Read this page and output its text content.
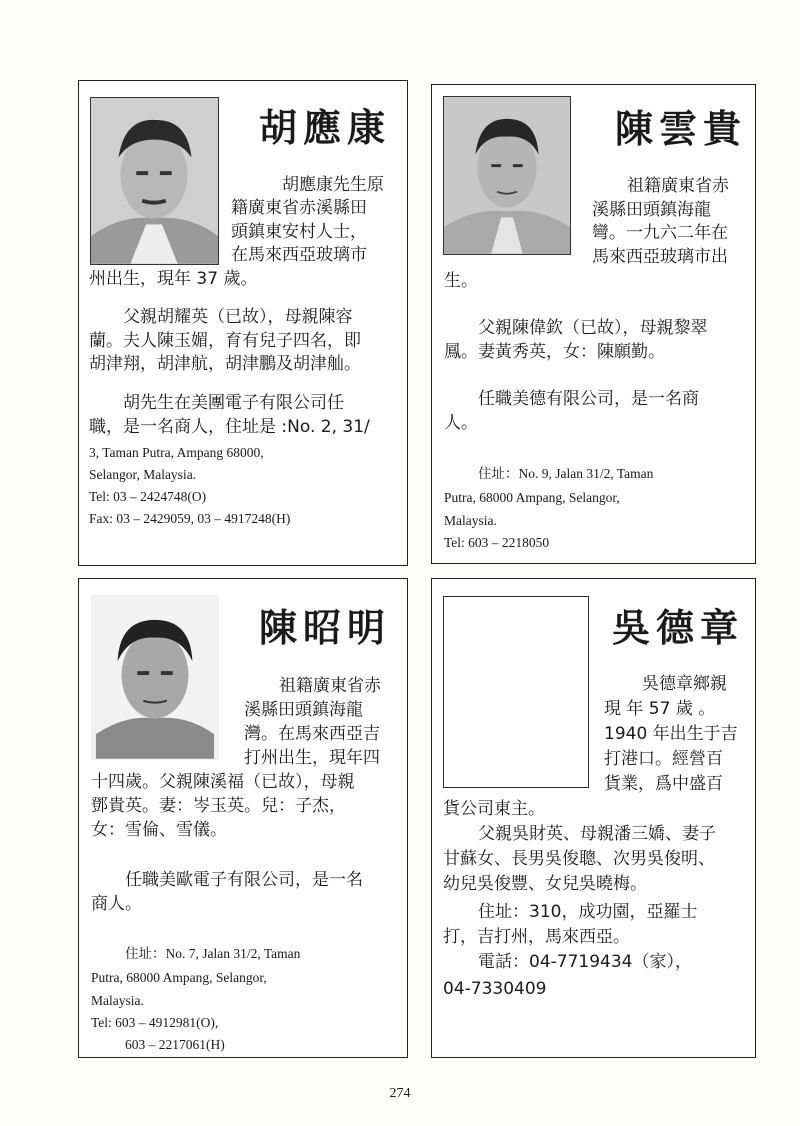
胡應康
胡應康先生原
籍廣東省赤溪縣田
頭鎮東安村人士，
在馬來西亞玻璃市
州出生，現年 37 歲。
父親胡耀英（已故），母親陳容
蘭。夫人陳玉媚，育有兒子四名，即
胡津翔，胡津航，胡津鵬及胡津舢。
胡先生在美團電子有限公司任
職，是一名商人，住址是 :No. 2, 31/
3, Taman Putra, Ampang 68000,
Selangor, Malaysia.
Tel: 03 – 2424748(O)
Fax: 03 – 2429059, 03 – 4917248(H)
陳雲貴
祖籍廣東省赤
溪縣田頭鎮海龍
彎。一九六二年在
馬來西亞玻璃市出
生。
父親陳偉欽（已故），母親黎翠
鳳。妻黃秀英，女：陳願勤。
任職美德有限公司，是一名商
人。
住址：No. 9, Jalan 31/2, Taman
Putra, 68000 Ampang, Selangor,
Malaysia.
Tel: 603 – 2218050
陳昭明
祖籍廣東省赤
溪縣田頭鎮海龍
灣。在馬來西亞吉
打州出生，現年四
十四歲。父親陳溪福（已故），母親
鄧貴英。妻：岑玉英。兒：子杰，
女：雪倫、雪儀。
任職美歐電子有限公司，是一名
商人。
住址：No. 7, Jalan 31/2, Taman
Putra, 68000 Ampang, Selangor,
Malaysia.
Tel: 603 – 4912981(O),
603 – 2217061(H)
吳德章
吳德章鄉親
現 年 57 歲 。
1940 年出生于吉
打港口。經營百
貨業，爲中盛百
貨公司東主。
父親吳財英、母親潘三嬌、妻子
甘蘇女、長男吳俊聰、次男吳俊明、
幼兒吳俊豐、女兒吳曉梅。
住址：310，成功園，亞羅士
打，吉打州，馬來西亞。
電話：04-7719434（家），
04-7330409
274
